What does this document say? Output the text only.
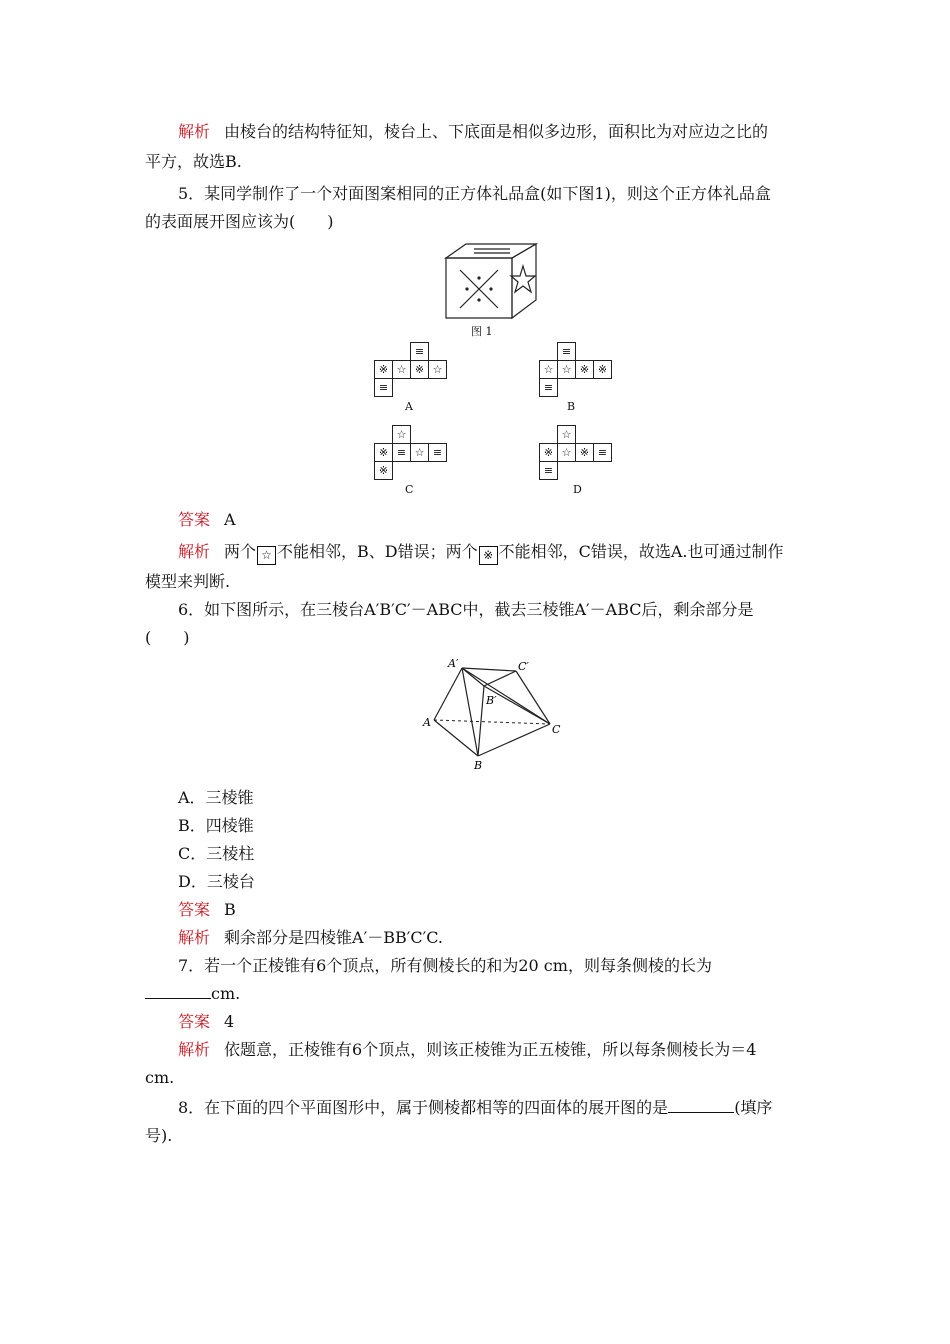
解析 由棱台的结构特征知，棱台上、下底面是相似多边形，面积比为对应边之比的
平方，故选B.
5．某同学制作了一个对面图案相同的正方体礼品盒(如下图1)，则这个正方体礼品盒
的表面展开图应该为(　　)
图 1
≡
※ ☆ ※ ☆
≡
A
≡
☆ ☆ ※ ※
≡
B
☆
※ ≡ ☆ ≡
※
C
☆
※ ☆ ※ ≡
≡
D
答案 A
解析 两个 ☆ 不能相邻，B、D错误；两个 ※ 不能相邻，C错误，故选A.也可通过制作
模型来判断.
6．如下图所示，在三棱台A′B′C′－ABC中，截去三棱锥A′－ABC后，剩余部分是
(　　)
A′	C′
B′
A
B
C
A．三棱锥
B．四棱锥
C．三棱柱
D．三棱台
答案 B
解析 剩余部分是四棱锥A′－BB′C′C.
7．若一个正棱锥有6个顶点，所有侧棱长的和为20 cm，则每条侧棱的长为
cm.
答案 4
解析 依题意，正棱锥有6个顶点，则该正棱锥为正五棱锥，所以每条侧棱长为＝4
cm.
8．在下面的四个平面图形中，属于侧棱都相等的四面体的展开图的是	(填序
号).
